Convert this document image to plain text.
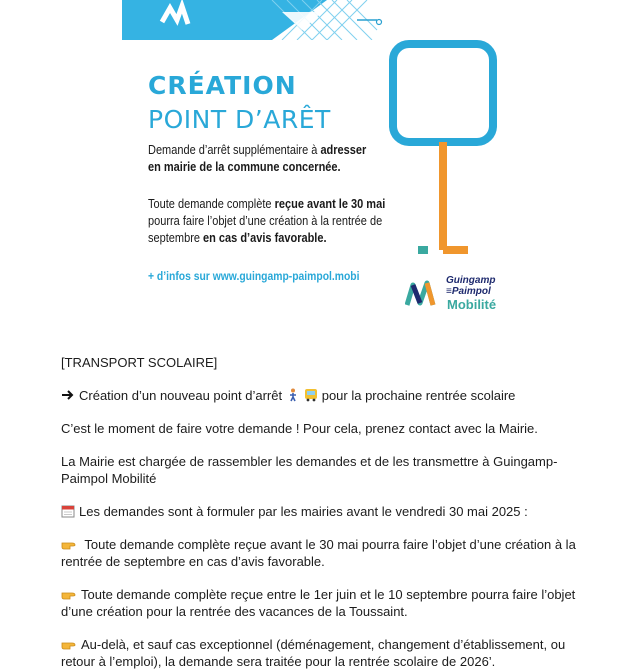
CRÉATION
POINT D’ARÊT
Demande d’arrêt supplémentaire à adresser
en mairie de la commune concernée.
Toute demande complète reçue avant le 30 mai
pourra faire l’objet d’une création à la rentrée de
septembre en cas d’avis favorable.
+ d’infos sur www.guingamp-paimpol.mobi	Guingamp
≡Paimpol
Mobilité

[TRANSPORT SCOLAIRE]

Création d’un nouveau point d’arrêt	pour la prochaine rentrée scolaire

C’est le moment de faire votre demande ! Pour cela, prenez contact avec la Mairie.

La Mairie est chargée de rassembler les demandes et de les transmettre à Guingamp-

Paimpol Mobilité

Les demandes sont à formuler par les mairies avant le vendredi 30 mai 2025 :

Toute demande complète reçue avant le 30 mai pourra faire l’objet d’une création à la

rentrée de septembre en cas d’avis favorable.

Toute demande complète reçue entre le 1er juin et le 10 septembre pourra faire l’objet

d’une création pour la rentrée des vacances de la Toussaint.

Au-delà, et sauf cas exceptionnel (déménagement, changement d’établissement, ou

retour à l’emploi), la demande sera traitée pour la rentrée scolaire de 2026’.
